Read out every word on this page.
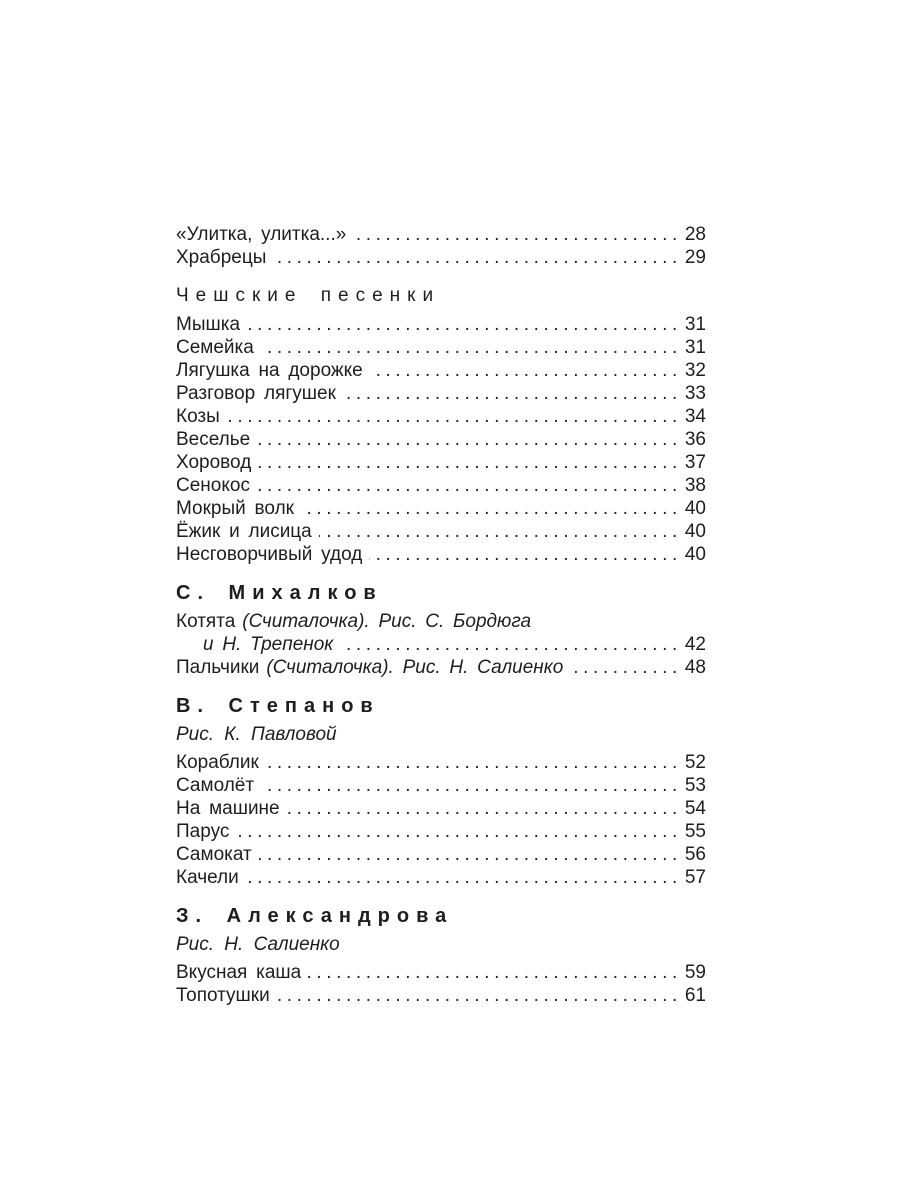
«Улитка, улитка...» .....	28
Храбрецы .....	29
Чешские песенки
Мышка .....	31
Семейка .....	31
Лягушка на дорожке .....	32
Разговор лягушек .....	33
Козы .....	34
Веселье .....	36
Хоровод .....	37
Сенокос .....	38
Мокрый волк .....	40
Ёжик и лисица .....	40
Несговорчивый удод .....	40
С. Михалков
Котята (Считалочка). Рис. С. Бордюга
и Н. Трепенок .....	42
Пальчики (Считалочка). Рис. Н. Салиенко .....	48
В. Степанов
Рис. К. Павловой
Кораблик .....	52
Самолёт .....	53
На машине .....	54
Парус .....	55
Самокат .....	56
Качели .....	57
З. Александрова
Рис. Н. Салиенко
Вкусная каша .....	59
Топотушки .....	61
